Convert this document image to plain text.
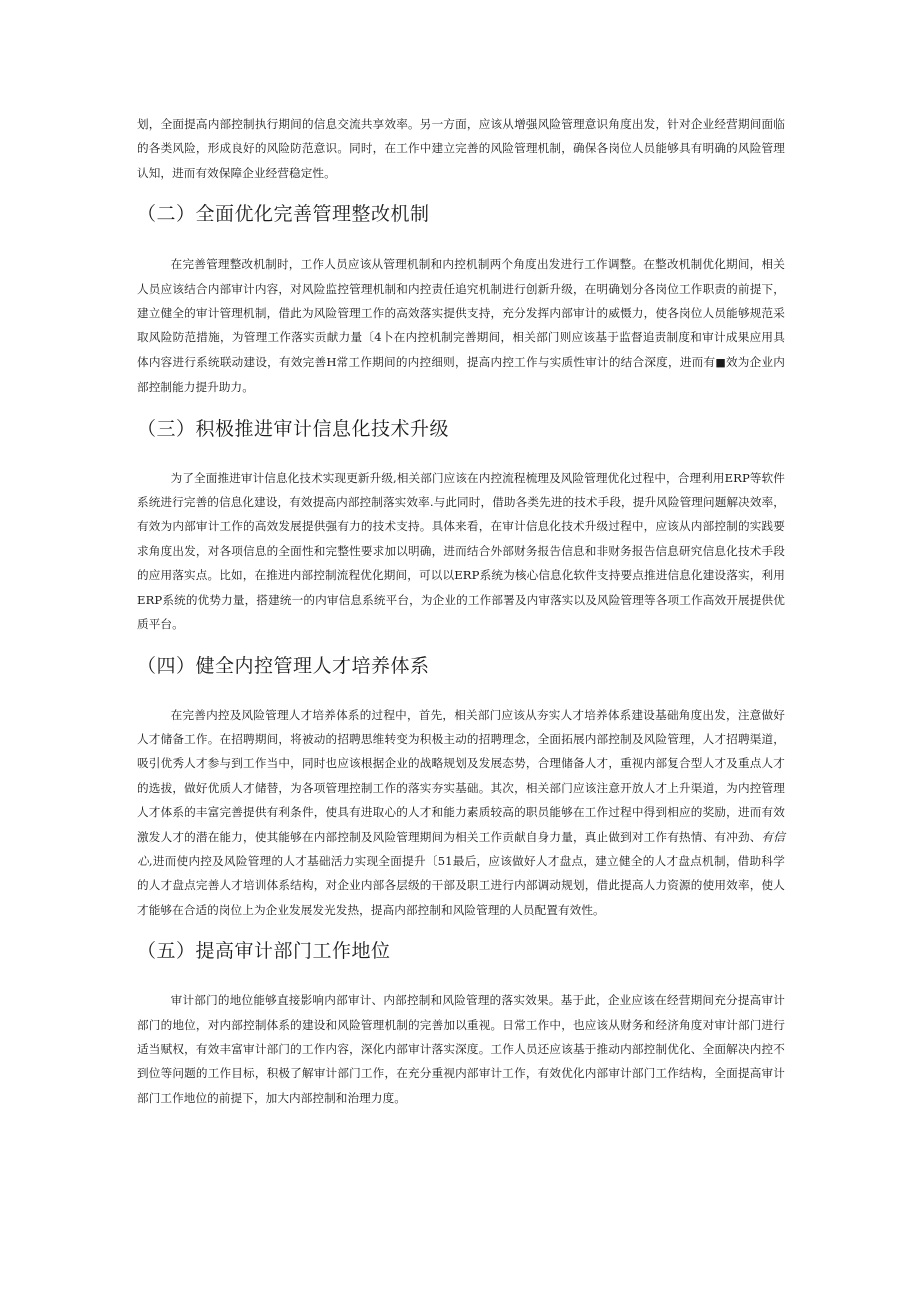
划，全面提高内部控制执行期间的信息交流共享效率。另一方面，应该从增强风险管理意识角度出发，针对企业经营期间面临的各类风险，形成良好的风险防范意识。同时，在工作中建立完善的风险管理机制，确保各岗位人员能够具有明确的风险管理认知，进而有效保障企业经营稳定性。

（二）全面优化完善管理整改机制

在完善管理整改机制时，工作人员应该从管理机制和内控机制两个角度出发进行工作调整。在整改机制优化期间，相关人员应该结合内部审计内容，对风险监控管理机制和内控责任追究机制进行创新升级，在明确划分各岗位工作职责的前提下，建立健全的审计管理机制，借此为风险管理工作的高效落实提供支持，充分发挥内部审计的威慑力，使各岗位人员能够规范采取风险防范措施，为管理工作落实贡献力量〔4卜在内控机制完善期间，相关部门则应该基于监督追责制度和审计成果应用具体内容进行系统联动建设，有效完善H常工作期间的内控细则，提高内控工作与实质性审计的结合深度，进而有■效为企业内部控制能力提升助力。

（三）积极推进审计信息化技术升级

为了全面推进审计信息化技术实现更新升级,相关部门应该在内控流程梳理及风险管理优化过程中，合理利用ERP等软件系统进行完善的信息化建设，有效提高内部控制落实效率.与此同时，借助各类先进的技术手段，提升风险管理问题解决效率，有效为内部审计工作的高效发展提供强有力的技术支持。具体来看，在审计信息化技术升级过程中，应该从内部控制的实践要求角度出发，对各项信息的全面性和完整性要求加以明确，进而结合外部财务报告信息和非财务报告信息研究信息化技术手段的应用落实点。比如，在推进内部控制流程优化期间，可以以ERP系统为核心信息化软件支持要点推进信息化建设落实，利用ERP系统的优势力量，搭建统一的内审信息系统平台，为企业的工作部署及内审落实以及风险管理等各项工作高效开展提供优质平台。

（四）健全内控管理人才培养体系

在完善内控及风险管理人才培养体系的过程中，首先，相关部门应该从夯实人才培养体系建设基础角度出发，注意做好人才储备工作。在招聘期间，将被动的招聘思维转变为积极主动的招聘理念，全面拓展内部控制及风险管理，人才招聘渠道，吸引优秀人才参与到工作当中，同时也应该根据企业的战略规划及发展态势，合理储备人才，重视内部复合型人才及重点人才的选拔，做好优质人才储替，为各项管理控制工作的落实夯实基础。其次，相关部门应该注意开放人才上升渠道，为内控管理人才体系的丰富完善提供有利条件，使具有进取心的人才和能力素质较高的职员能够在工作过程中得到相应的奖励，进而有效激发人才的潜在能力，使其能够在内部控制及风险管理期间为相关工作贡献自身力量，真止做到对工作有热情、有冲劲、有信心,进而使内控及风险管理的人才基础活力实现全面提升〔51最后，应该做好人才盘点，建立健全的人才盘点机制，借助科学的人才盘点完善人才培训体系结构，对企业内部各层级的干部及职工进行内部调动规划，借此提高人力资源的使用效率，使人才能够在合适的岗位上为企业发展发光发热，提高内部控制和风险管理的人员配置有效性。

（五）提高审计部门工作地位

审计部门的地位能够直接影响内部审计、内部控制和风险管理的落实效果。基于此，企业应该在经营期间充分提高审计部门的地位，对内部控制体系的建设和风险管理机制的完善加以重视。日常工作中，也应该从财务和经济角度对审计部门进行适当赋权，有效丰富审计部门的工作内容，深化内部审计落实深度。工作人员还应该基于推动内部控制优化、全面解决内控不到位等问题的工作目标，积极了解审计部门工作，在充分重视内部审计工作，有效优化内部审计部门工作结构，全面提高审计部门工作地位的前提下，加大内部控制和治理力度。
